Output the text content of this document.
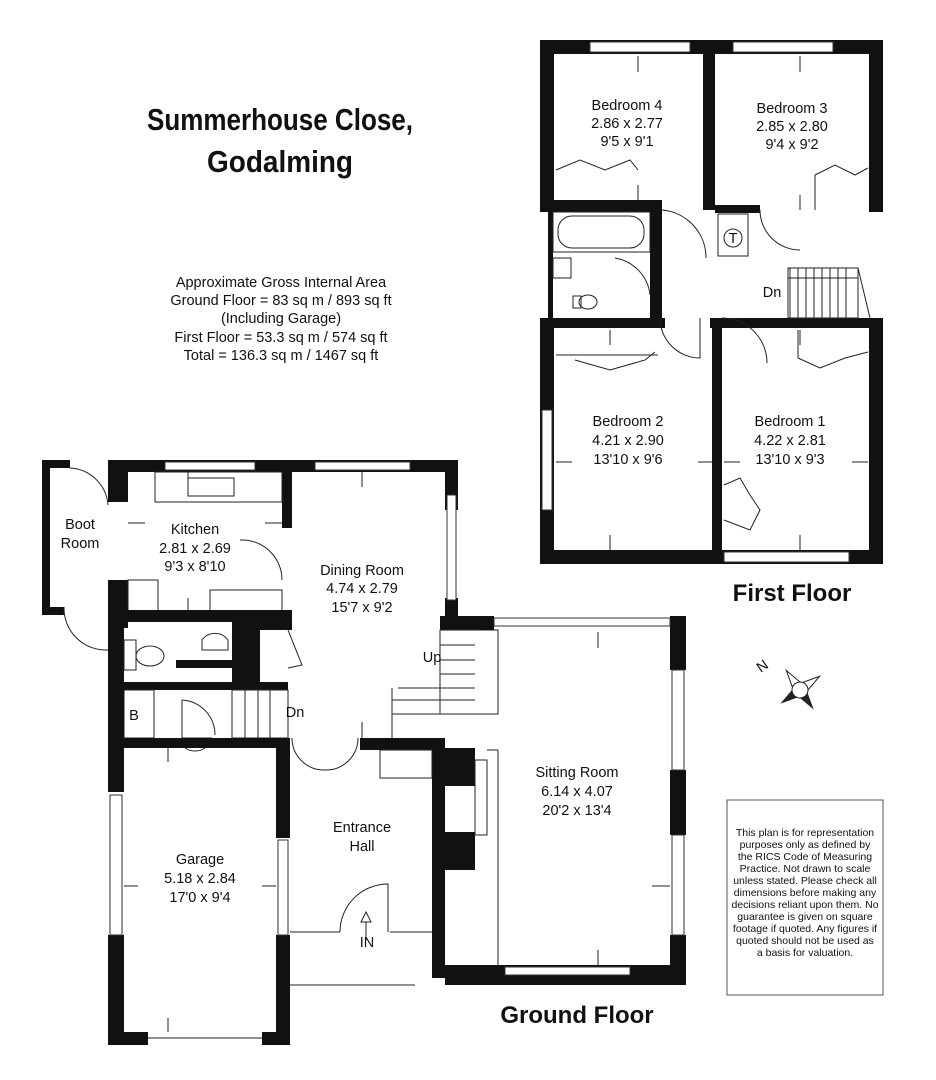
Summerhouse Close,
Godalming
Approximate Gross Internal Area
Ground Floor = 83 sq m / 893 sq ft
(Including Garage)
First Floor = 53.3 sq m / 574 sq ft
Total = 136.3 sq m / 1467 sq ft
T
Dn
Bedroom 4
2.86 x 2.77
9'5 x 9'1
Bedroom 3
2.85 x 2.80
9'4 x 9'2
Bedroom 2
4.21 x 2.90
13'10 x 9'6
Bedroom 1
4.22 x 2.81
13'10 x 9'3
First Floor
N
Boot
Room
Kitchen
2.81 x 2.69
9'3 x 8'10
B	Dn
Garage
5.18 x 2.84
17'0 x 9'4
Dining Room
4.74 x 2.79
15'7 x 9'2
Up
Entrance
Hall
IN
Sitting Room
6.14 x 4.07
20'2 x 13'4
Ground Floor
This plan is for representation
purposes only as defined by
the RICS Code of Measuring
Practice. Not drawn to scale
unless stated. Please check all
dimensions before making any
decisions reliant upon them. No
guarantee is given on square
footage if quoted. Any figures if
quoted should not be used as
a basis for valuation.
